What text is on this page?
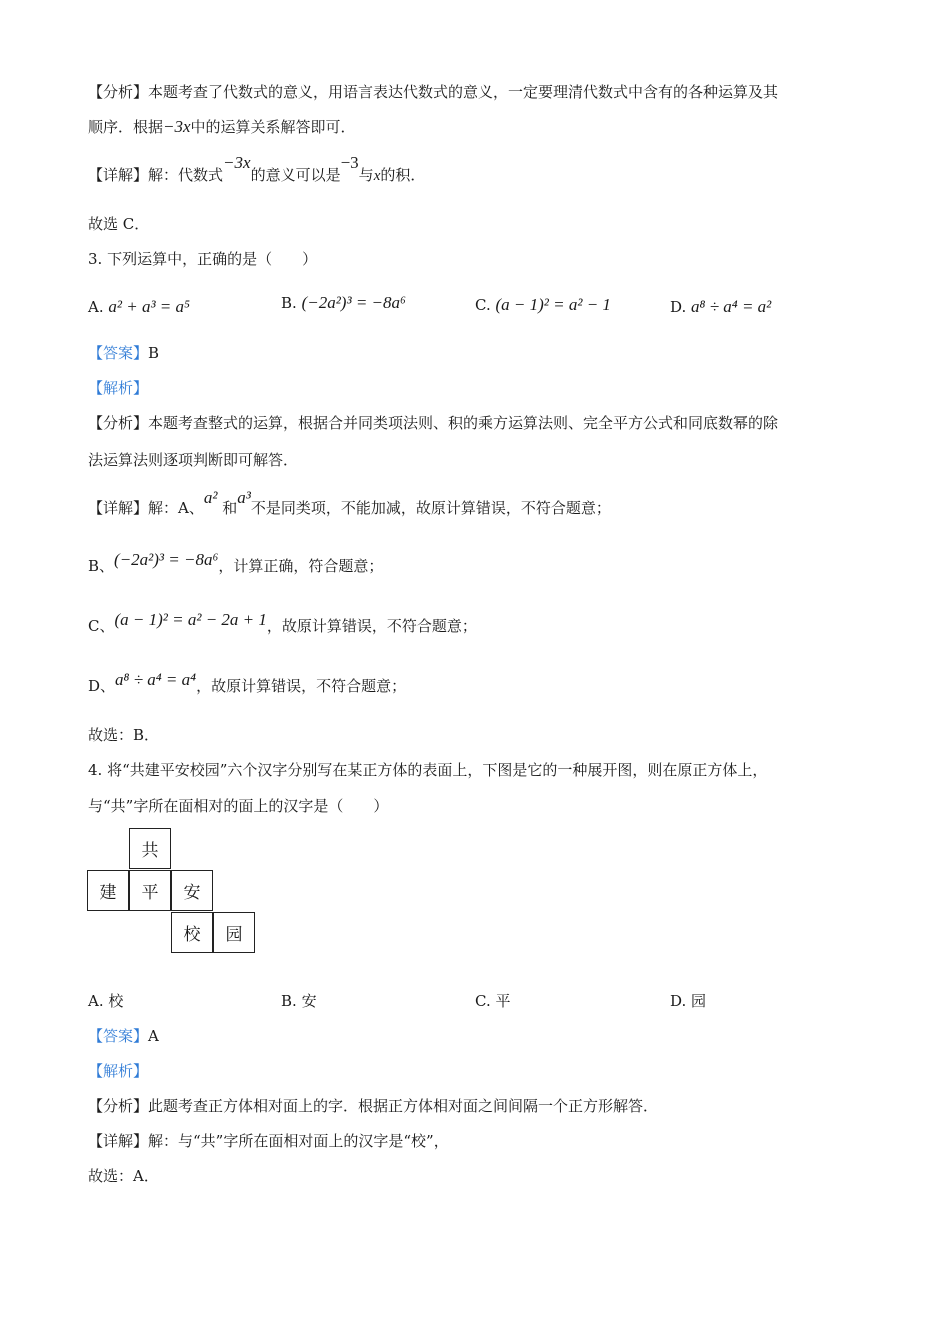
【分析】本题考查了代数式的意义，用语言表达代数式的意义，一定要理清代数式中含有的各种运算及其
顺序．根据−3x中的运算关系解答即可．
【详解】解：代数式−3x的意义可以是−3与x的积．
故选 C．
3. 下列运算中，正确的是（　　）
A. a² + a³ = a⁵	B. (−2a²)³ = −8a⁶	C. (a − 1)² = a² − 1	D. a⁸ ÷ a⁴ = a²
【答案】B
【解析】
【分析】本题考查整式的运算，根据合并同类项法则、积的乘方运算法则、完全平方公式和同底数幂的除
法运算法则逐项判断即可解答．
【详解】解：A、a² 和a³不是同类项，不能加减，故原计算错误，不符合题意；
B、(−2a²)³ = −8a⁶，计算正确，符合题意；
C、(a − 1)² = a² − 2a + 1，故原计算错误，不符合题意；
D、a⁸ ÷ a⁴ = a⁴，故原计算错误，不符合题意；
故选：B．
4. 将“共建平安校园”六个汉字分别写在某正方体的表面上，下图是它的一种展开图，则在原正方体上，
与“共”字所在面相对的面上的汉字是（　　）
共
建	平	安
校	园
A. 校	B. 安	C. 平	D. 园
【答案】A
【解析】
【分析】此题考查正方体相对面上的字．根据正方体相对面之间间隔一个正方形解答．
【详解】解：与“共”字所在面相对面上的汉字是“校”，
故选：A．
